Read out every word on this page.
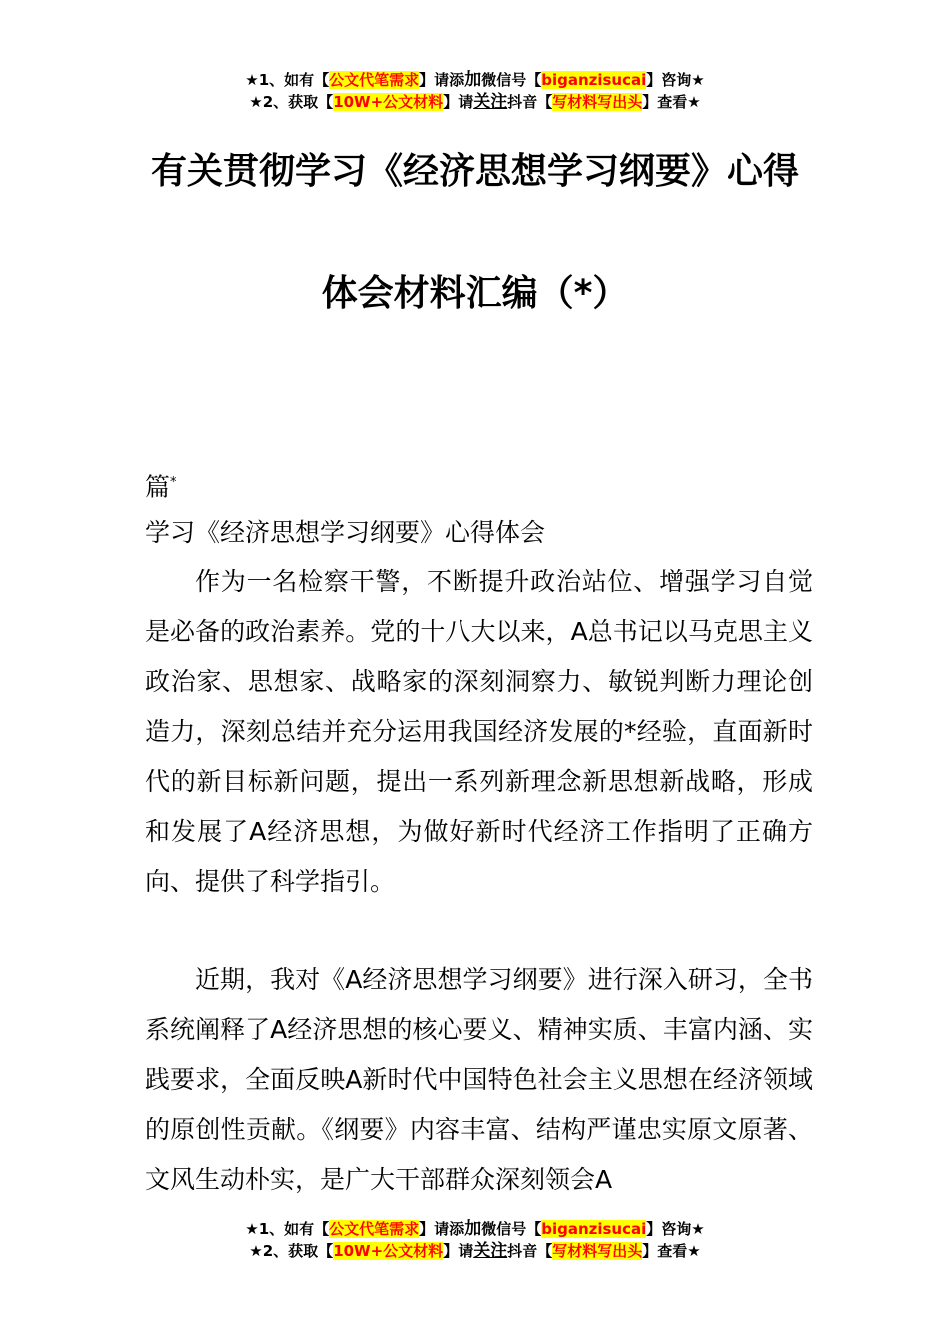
★1、如有【公文代笔需求】请添加微信号【biganzisucai】咨询★
★2、获取【10W+公文材料】请关注抖音【写材料写出头】查看★
有关贯彻学习《经济思想学习纲要》心得
体会材料汇编（*）
篇*
学习《经济思想学习纲要》心得体会

作为一名检察干警，不断提升政治站位、增强学习自觉是必备的政治素养。党的十八大以来，A总书记以马克思主义政治家、思想家、战略家的深刻洞察力、敏锐判断力理论创造力，深刻总结并充分运用我国经济发展的*经验，直面新时代的新目标新问题，提出一系列新理念新思想新战略，形成和发展了A经济思想，为做好新时代经济工作指明了正确方向、提供了科学指引。

近期，我对《A经济思想学习纲要》进行深入研习，全书系统阐释了A经济思想的核心要义、精神实质、丰富内涵、实践要求，全面反映A新时代中国特色社会主义思想在经济领域的原创性贡献。《纲要》内容丰富、结构严谨忠实原文原著、文风生动朴实，是广大干部群众深刻领会A

★1、如有【公文代笔需求】请添加微信号【biganzisucai】咨询★
★2、获取【10W+公文材料】请关注抖音【写材料写出头】查看★
